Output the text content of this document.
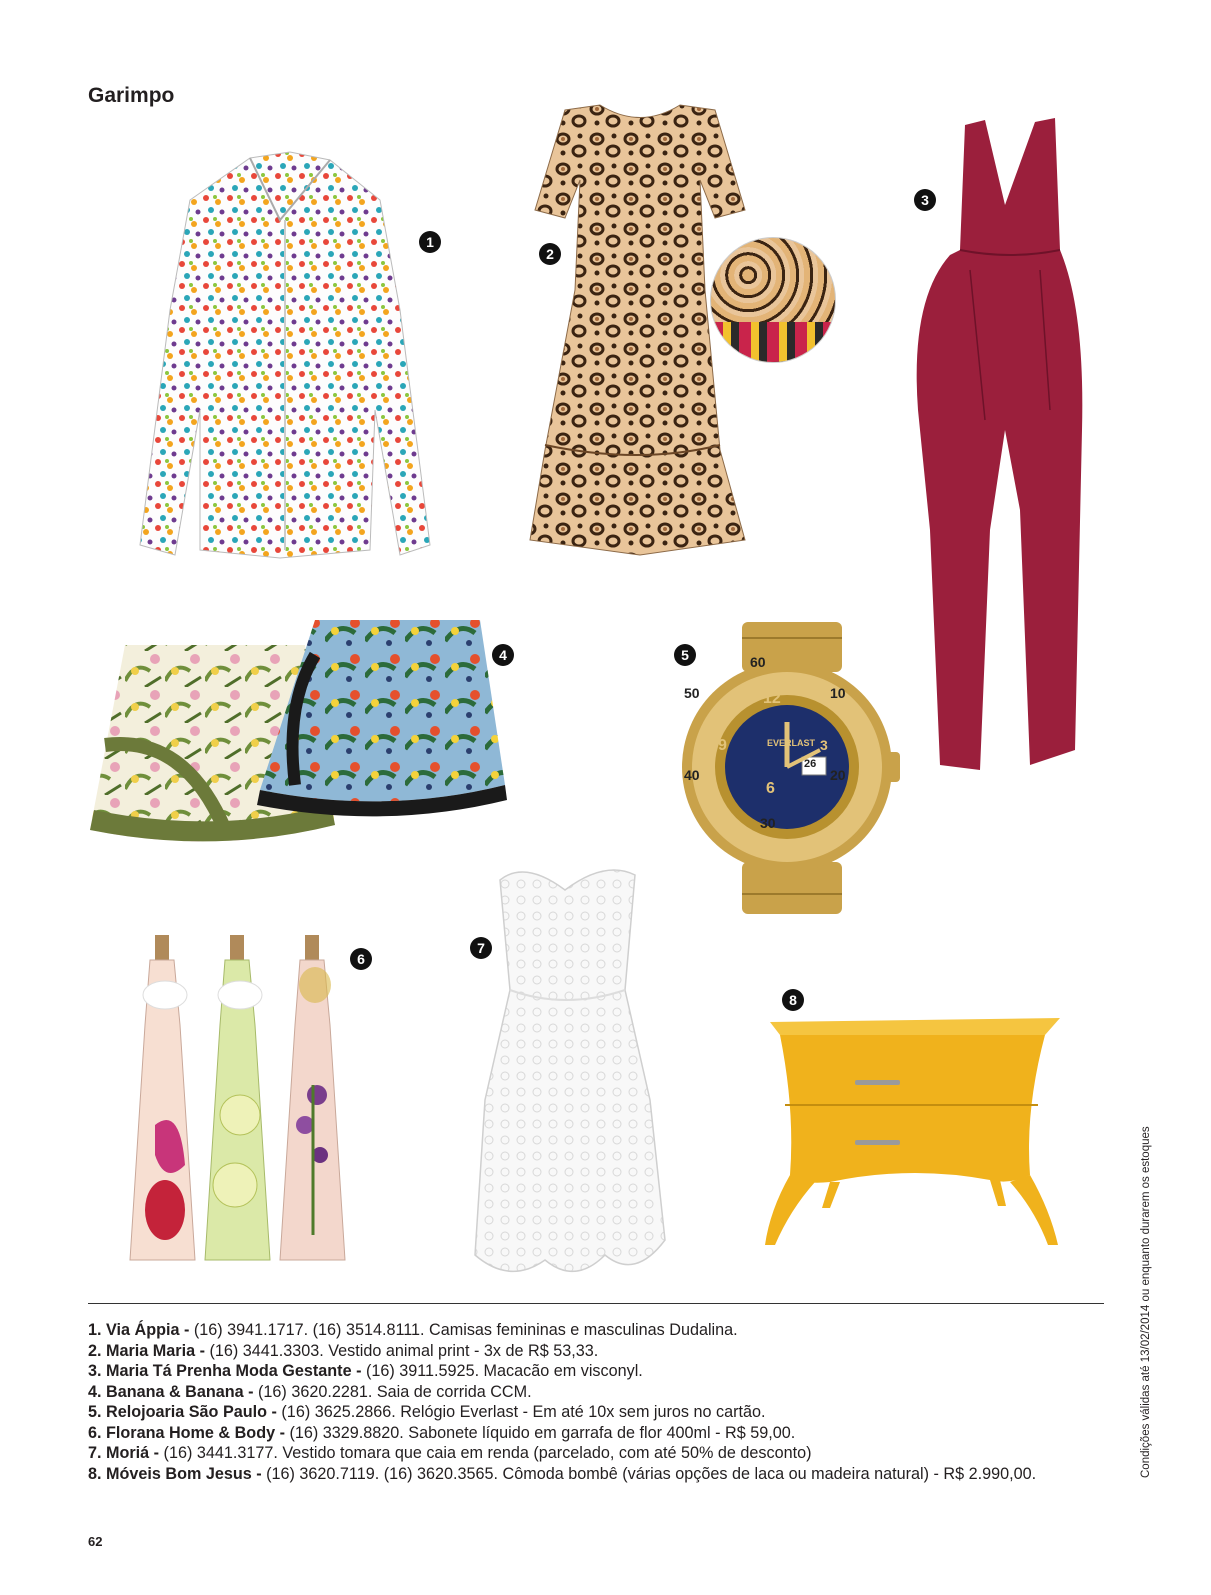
Garimpo
1
2
3
4
EVERLAST
60
10
20
30
40
50	12
3
6
9
26
5
6
7
8
1. Via Áppia - (16) 3941.1717. (16) 3514.8111. Camisas femininas e masculinas Dudalina.
2. Maria Maria - (16) 3441.3303. Vestido animal print - 3x de R$ 53,33.
3. Maria Tá Prenha Moda Gestante - (16) 3911.5925. Macacão em visconyl.
4. Banana & Banana - (16) 3620.2281. Saia de corrida CCM.
5. Relojoaria São Paulo - (16) 3625.2866. Relógio Everlast - Em até 10x sem juros no cartão.
6. Florana Home & Body - (16) 3329.8820. Sabonete líquido em garrafa de flor 400ml - R$ 59,00.
7. Moriá - (16) 3441.3177. Vestido tomara que caia em renda (parcelado, com até 50% de desconto)
8. Móveis Bom Jesus - (16) 3620.7119. (16) 3620.3565. Cômoda bombê (várias opções de laca ou madeira natural) - R$ 2.990,00.	Condições válidas até 13/02/2014 ou enquanto durarem os estoques
62
